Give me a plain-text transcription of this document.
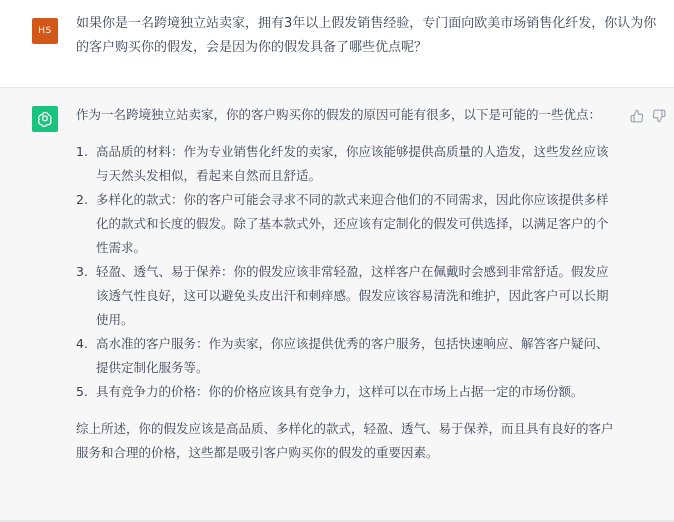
HS	如果你是一名跨境独立站卖家，拥有3年以上假发销售经验，专门面向欧美市场销售化纤发，你认为你的客户购买你的假发，会是因为你的假发具备了哪些优点呢？

作为一名跨境独立站卖家，你的客户购买你的假发的原因可能有很多，以下是可能的一些优点：

1. 高品质的材料：作为专业销售化纤发的卖家，你应该能够提供高质量的人造发，这些发丝应该与天然头发相似，看起来自然而且舒适。
2. 多样化的款式：你的客户可能会寻求不同的款式来迎合他们的不同需求，因此你应该提供多样化的款式和长度的假发。除了基本款式外，还应该有定制化的假发可供选择，以满足客户的个性需求。
3. 轻盈、透气、易于保养：你的假发应该非常轻盈，这样客户在佩戴时会感到非常舒适。假发应该透气性良好，这可以避免头皮出汗和刺痒感。假发应该容易清洗和维护，因此客户可以长期使用。
4. 高水准的客户服务：作为卖家，你应该提供优秀的客户服务，包括快速响应、解答客户疑问、提供定制化服务等。
5. 具有竞争力的价格：你的价格应该具有竞争力，这样可以在市场上占据一定的市场份额。

综上所述，你的假发应该是高品质、多样化的款式，轻盈、透气、易于保养，而且具有良好的客户服务和合理的价格，这些都是吸引客户购买你的假发的重要因素。
